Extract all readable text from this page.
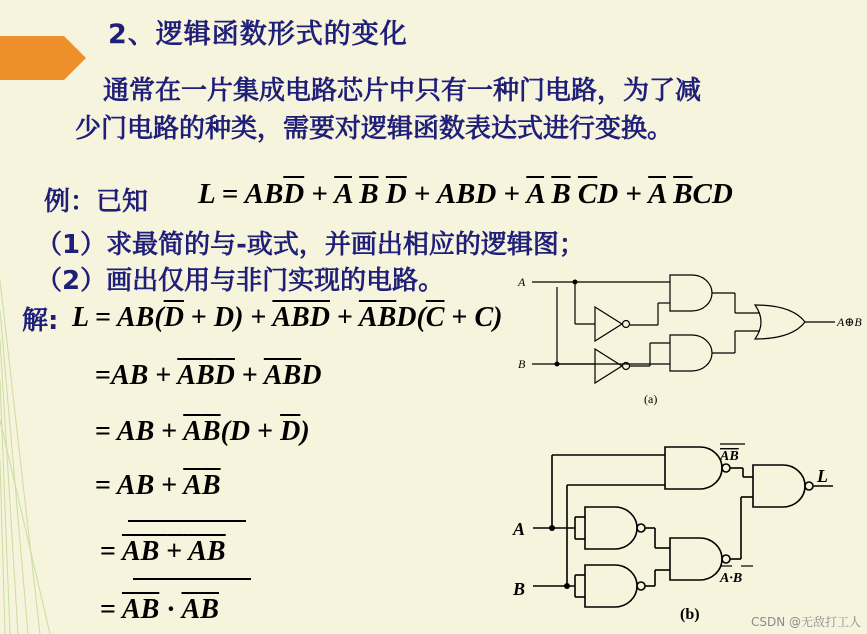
2、逻辑函数形式的变化
通常在一片集成电路芯片中只有一种门电路，为了减
少门电路的种类，需要对逻辑函数表达式进行变换。
例：已知 $L = AB\overline{D} + \overline{A}$ $\overline{B}$ $\overline{D}$ + ABD + $\overline{A}$ $\overline{B}$ $\overline{C}D + \overline{A}$ $\overline{B}CD$
（1）求最简的与-或式，并画出相应的逻辑图；
（2）画出仅用与非门实现的电路。
解: $L = AB(\overline{D} + D) + \overline{ABD} + \overline{AB}D(\overline{C} + C)$
$=AB + \overline{A}\overline{B}\overline{D} + \overline{A}\overline{B}D$
= AB + $\overline{A}\overline{B}(D + \overline{D})$
= AB + $\overline{A}\overline{B}$
= AB + AB
= $\overline{AB}$ · AB
A
B
A⊕B
(a)
A
B
L
AB
A·B
(b)	CSDN @无敌打工人
